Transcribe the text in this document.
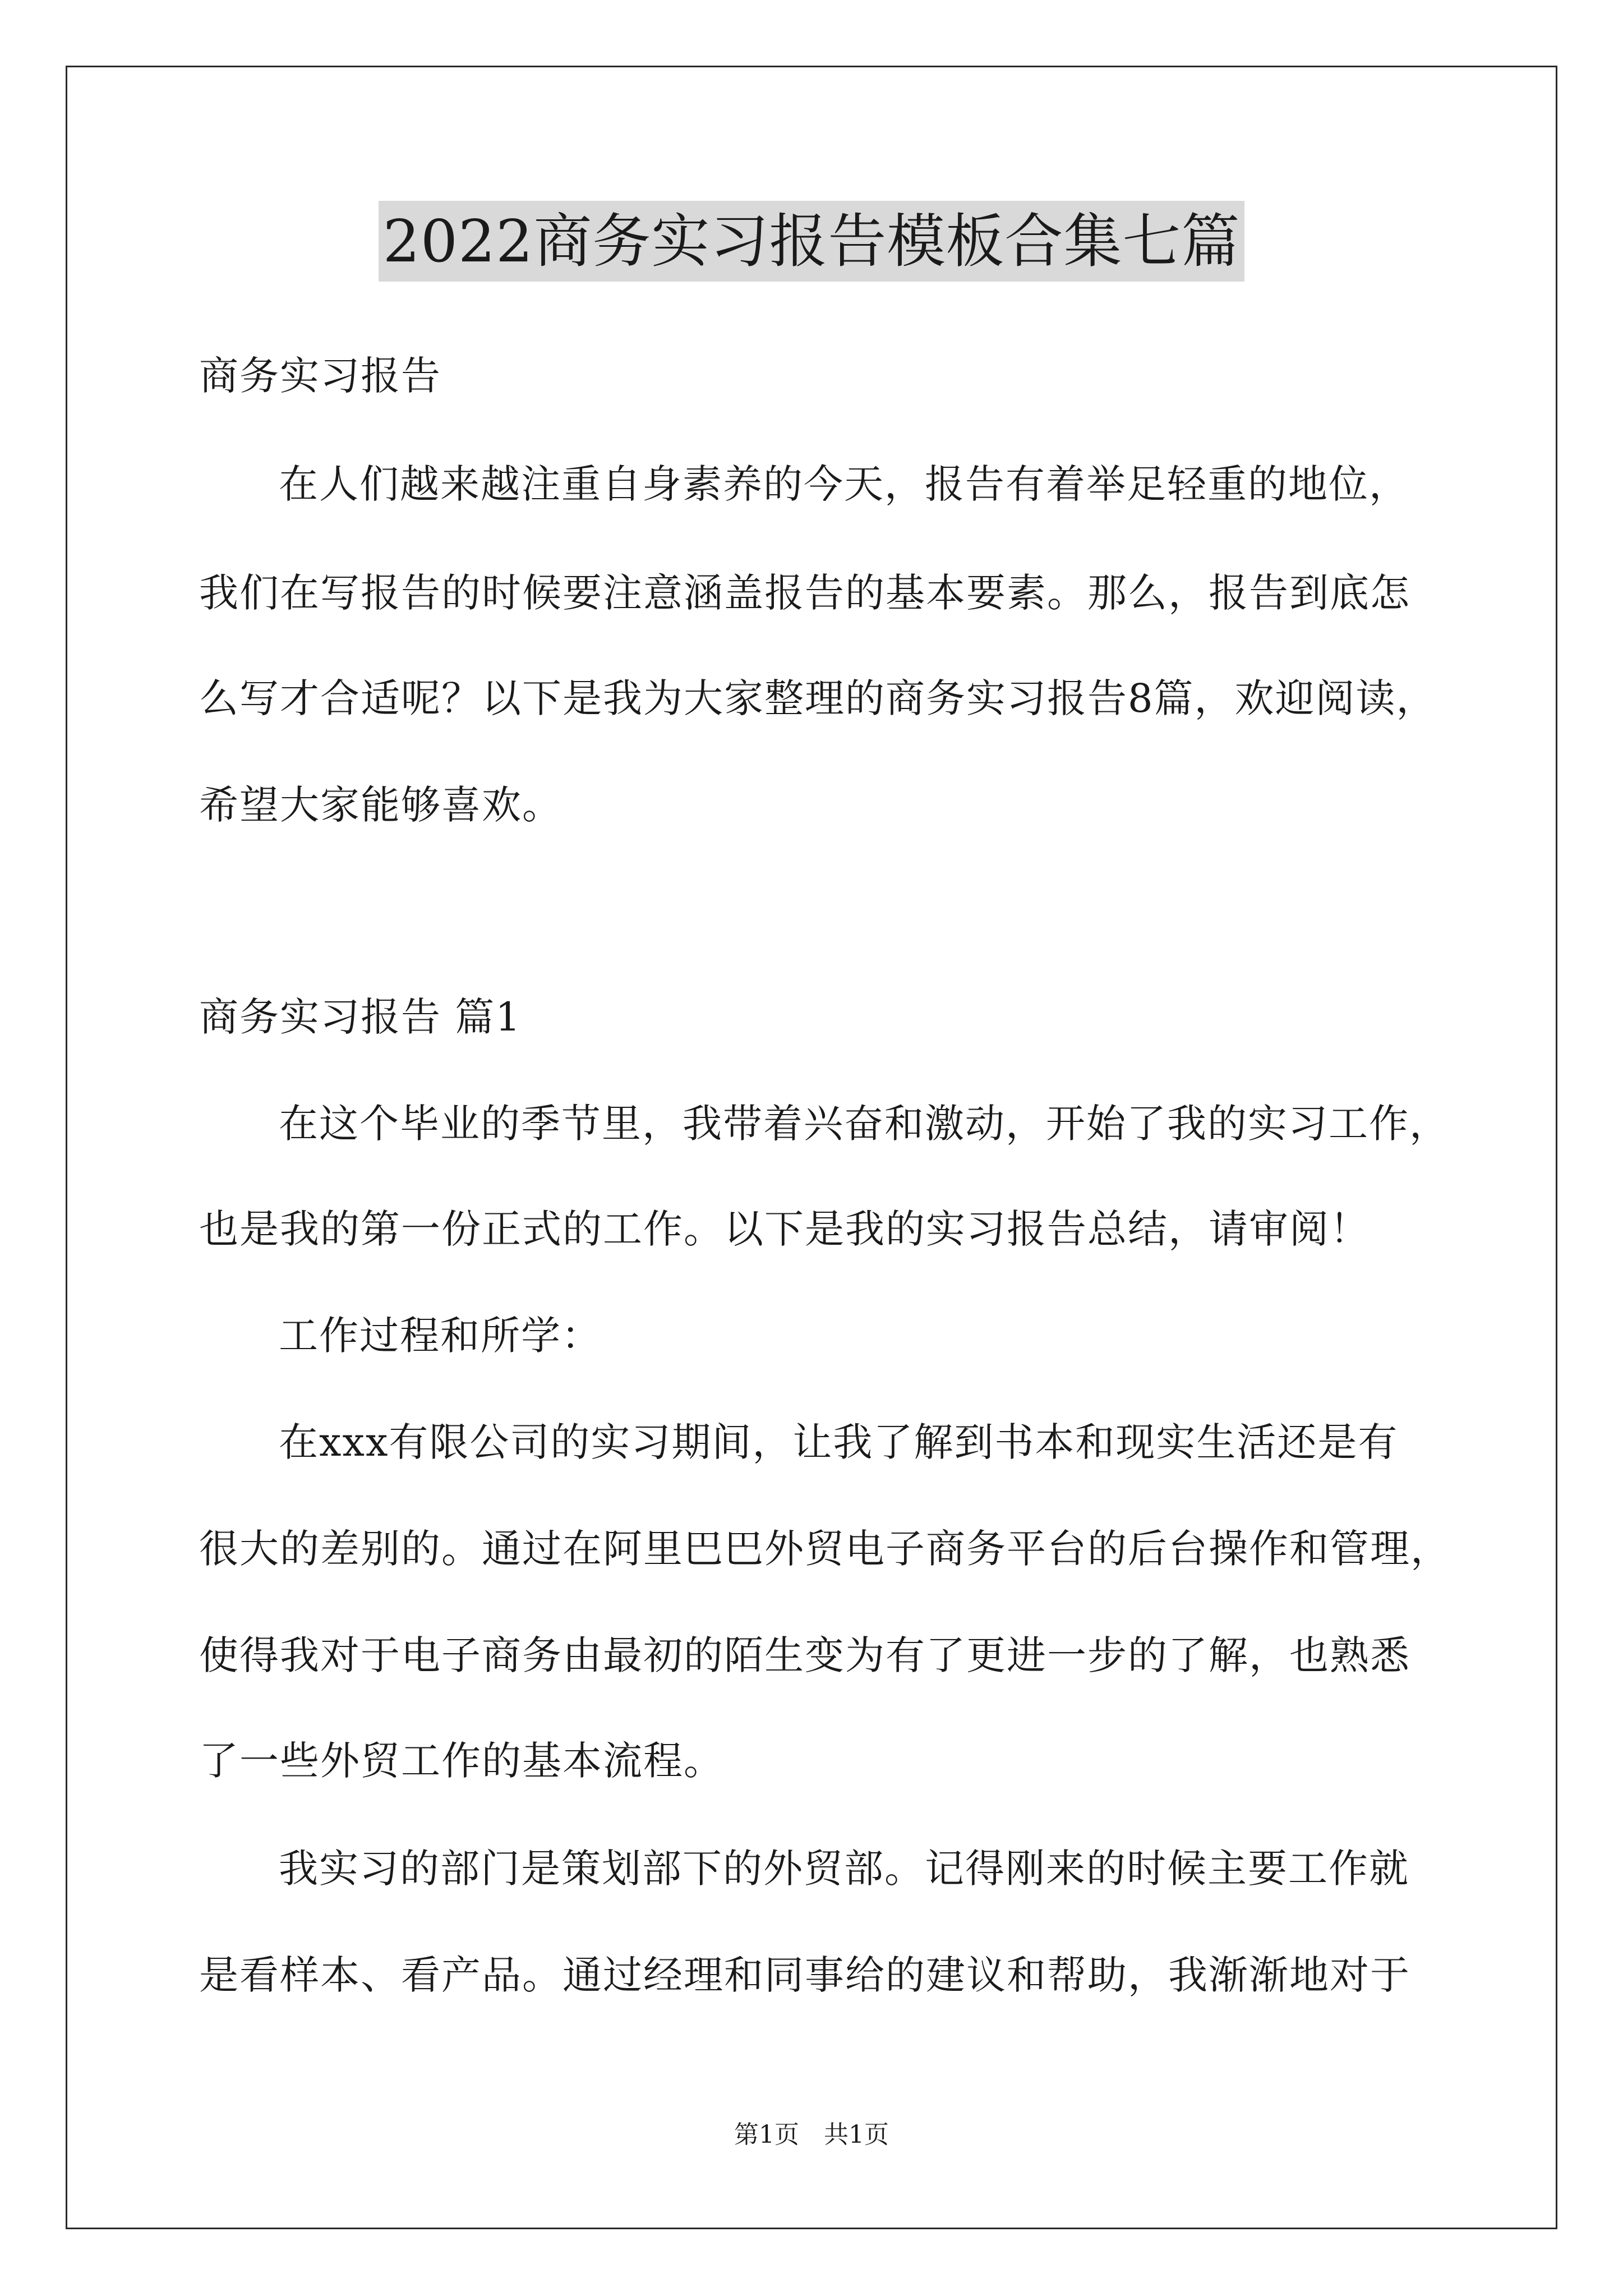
2022商务实习报告模板合集七篇
商务实习报告
在人们越来越注重自身素养的今天，报告有着举足轻重的地位，
我们在写报告的时候要注意涵盖报告的基本要素。那么，报告到底怎
么写才合适呢？以下是我为大家整理的商务实习报告8篇，欢迎阅读，
希望大家能够喜欢。
商务实习报告 篇1
在这个毕业的季节里，我带着兴奋和激动，开始了我的实习工作，
也是我的第一份正式的工作。以下是我的实习报告总结，请审阅！
工作过程和所学：
在xxx有限公司的实习期间，让我了解到书本和现实生活还是有
很大的差别的。通过在阿里巴巴外贸电子商务平台的后台操作和管理，
使得我对于电子商务由最初的陌生变为有了更进一步的了解，也熟悉
了一些外贸工作的基本流程。
我实习的部门是策划部下的外贸部。记得刚来的时候主要工作就
是看样本、看产品。通过经理和同事给的建议和帮助，我渐渐地对于
第1页　共1页
